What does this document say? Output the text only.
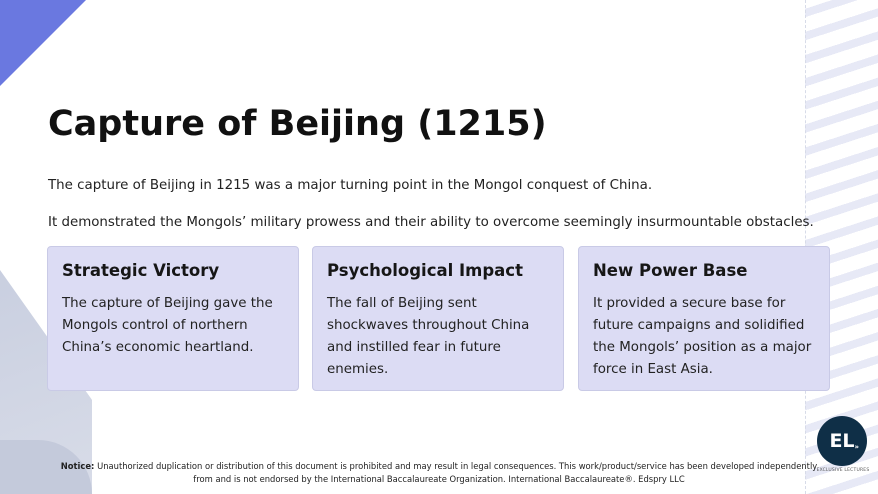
Capture of Beijing (1215)

The capture of Beijing in 1215 was a major turning point in the Mongol conquest of China.

It demonstrated the Mongols’ military prowess and their ability to overcome seemingly insurmountable obstacles.

Strategic Victory

The capture of Beijing gave the Mongols control of northern China’s economic heartland.

Psychological Impact

The fall of Beijing sent shockwaves throughout China and instilled fear in future enemies.

New Power Base

It provided a secure base for future campaigns and solidified the Mongols’ position as a major force in East Asia.

EL »
EXCLUSIVE LECTURES

Notice: Unauthorized duplication or distribution of this document is prohibited and may result in legal consequences. This work/product/service has been developed independently from and is not endorsed by the International Baccalaureate Organization. International Baccalaureate®. Edspry LLC
